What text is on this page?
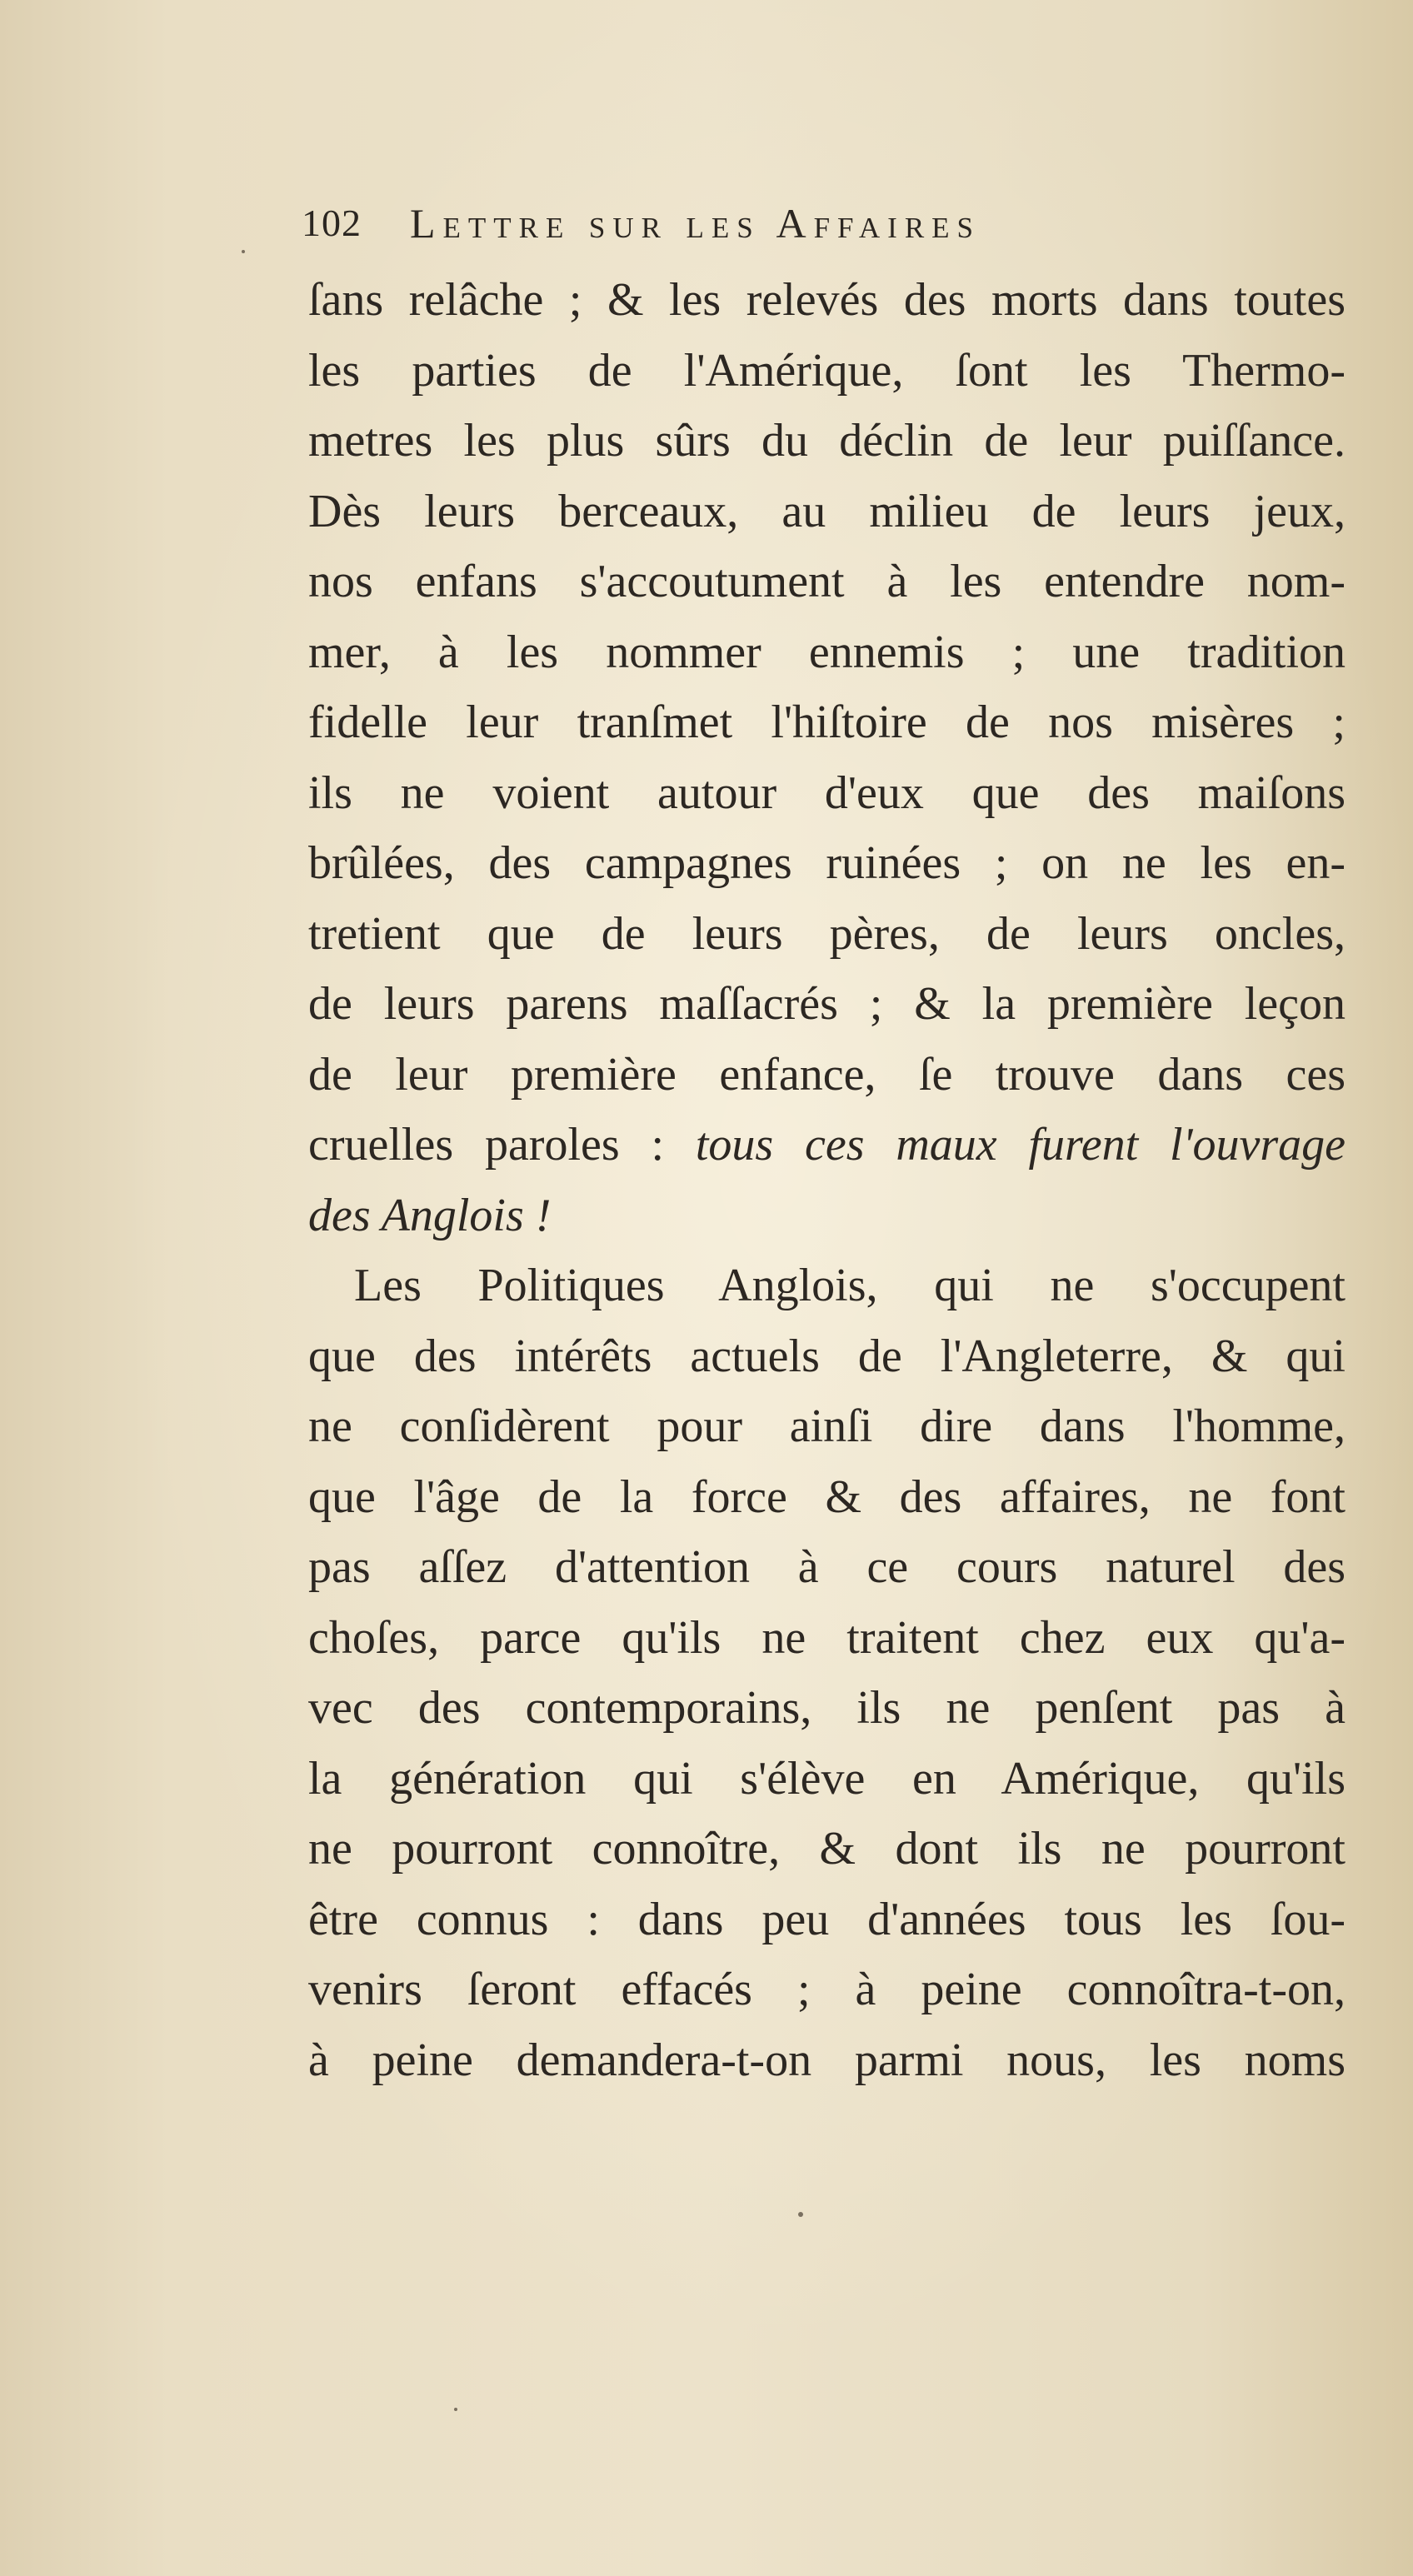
102 Lettre sur les Affaires
ſans relâche ; & les relevés des morts dans toutes
les parties de l'Amérique, ſont les Thermo-
metres les plus sûrs du déclin de leur puiſſance.
Dès leurs berceaux, au milieu de leurs jeux,
nos enfans s'accoutument à les entendre nom-
mer, à les nommer ennemis ; une tradition
fidelle leur tranſmet l'hiſtoire de nos misères ;
ils ne voient autour d'eux que des maiſons
brûlées, des campagnes ruinées ; on ne les en-
tretient que de leurs pères, de leurs oncles,
de leurs parens maſſacrés ; & la première leçon
de leur première enfance, ſe trouve dans ces
cruelles paroles : tous ces maux furent l'ouvrage
des Anglois !
Les Politiques Anglois, qui ne s'occupent
que des intérêts actuels de l'Angleterre, & qui
ne conſidèrent pour ainſi dire dans l'homme,
que l'âge de la force & des affaires, ne font
pas aſſez d'attention à ce cours naturel des
choſes, parce qu'ils ne traitent chez eux qu'a-
vec des contemporains, ils ne penſent pas à
la génération qui s'élève en Amérique, qu'ils
ne pourront connoître, & dont ils ne pourront
être connus : dans peu d'années tous les ſou-
venirs ſeront effacés ; à peine connoîtra-t-on,
à peine demandera-t-on parmi nous, les noms
